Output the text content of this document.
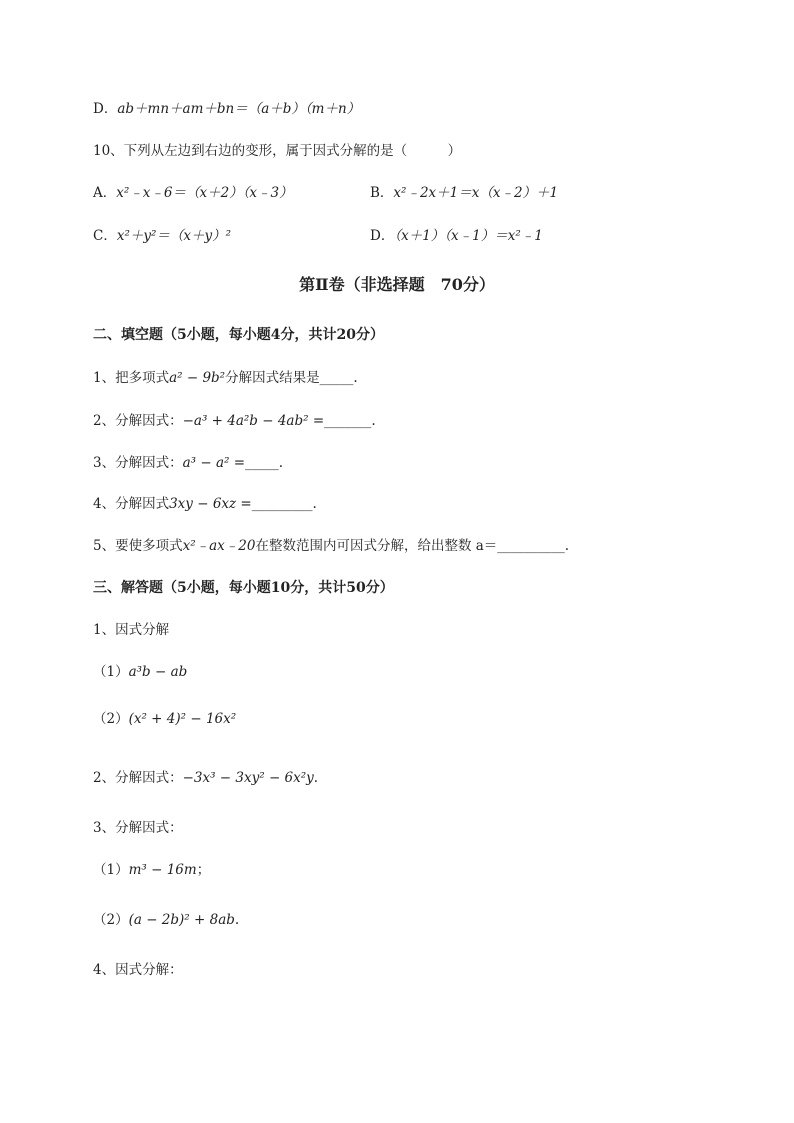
D．ab＋mn＋am＋bn＝（a＋b）（m＋n）
10、下列从左边到右边的变形，属于因式分解的是（　　　）
A．x²﹣x﹣6＝（x＋2）（x﹣3）	B．x²﹣2x＋1＝x（x﹣2）＋1
C．x²＋y²＝（x＋y）²	D．（x＋1）（x﹣1）＝x²﹣1
第Ⅱ卷（非选择题　70分）
二、填空题（5小题，每小题4分，共计20分）
1、把多项式a² − 9b²分解因式结果是_____.
2、分解因式：−a³ + 4a²b − 4ab² =_______.
3、分解因式：a³ − a² =_____.
4、分解因式3xy − 6xz =_________.
5、要使多项式x²﹣ax﹣20在整数范围内可因式分解，给出整数 a＝__________.
三、解答题（5小题，每小题10分，共计50分）
1、因式分解
（1）a³b − ab
（2）(x² + 4)² − 16x²
2、分解因式：−3x³ − 3xy² − 6x²y.
3、分解因式：
（1）m³ − 16m；
（2）(a − 2b)² + 8ab.
4、因式分解：
